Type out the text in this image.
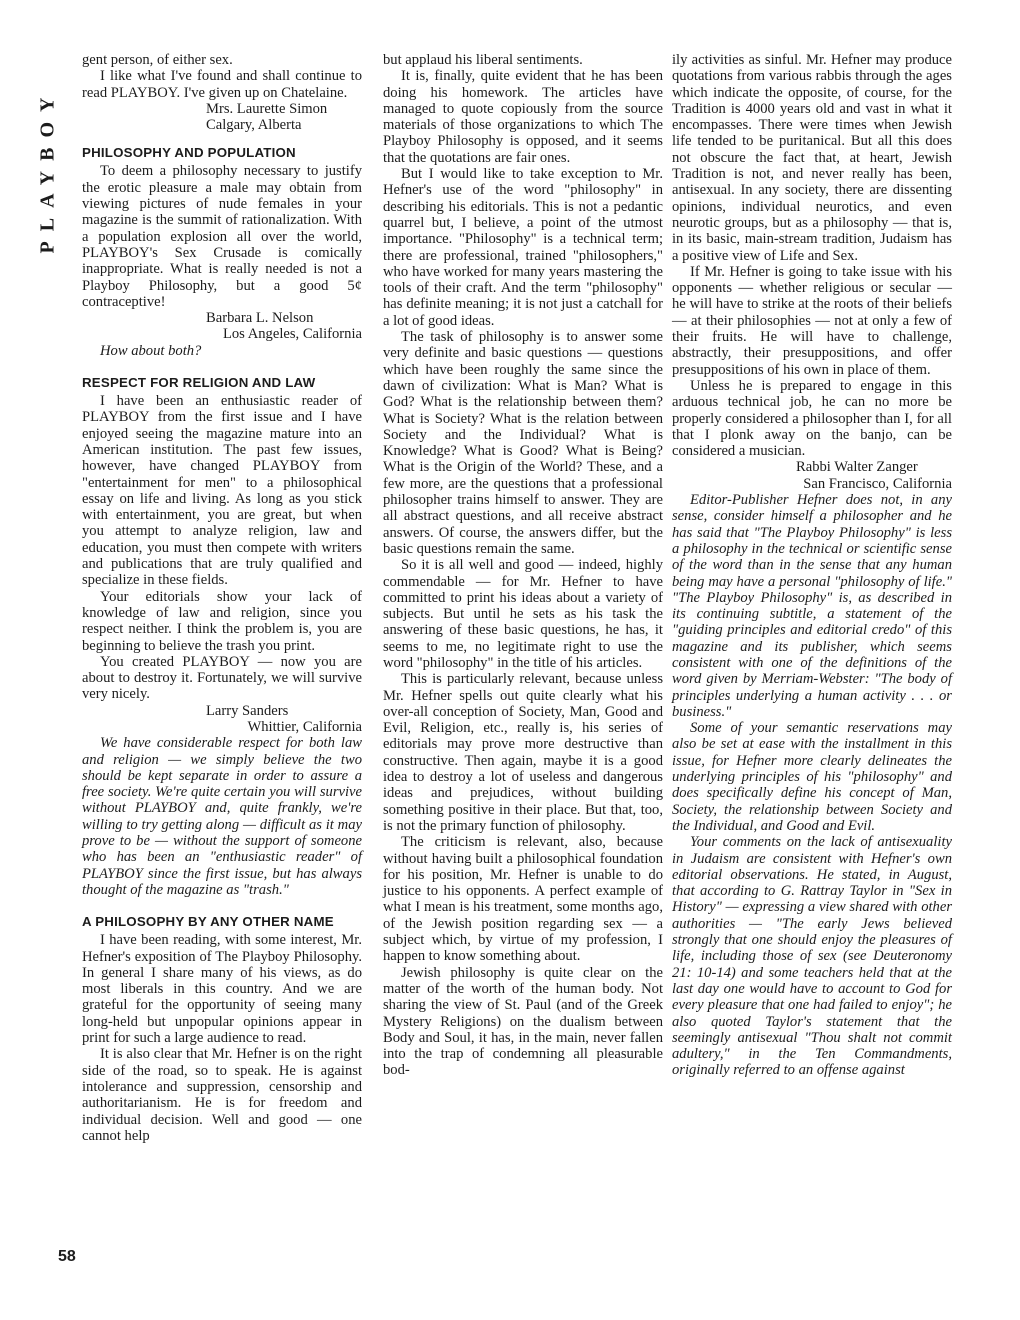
PLAYBOY

58

gent person, of either sex.

I like what I've found and shall continue to read PLAYBOY. I've given up on Chatelaine.

Mrs. Laurette Simon

Calgary, Alberta

PHILOSOPHY AND POPULATION

To deem a philosophy necessary to justify the erotic pleasure a male may obtain from viewing pictures of nude females in your magazine is the summit of rationalization. With a population explosion all over the world, PLAYBOY's Sex Crusade is comically inappropriate. What is really needed is not a Playboy Philosophy, but a good 5¢ contraceptive!

Barbara L. Nelson

Los Angeles, California

How about both?

RESPECT FOR RELIGION AND LAW

I have been an enthusiastic reader of PLAYBOY from the first issue and I have enjoyed seeing the magazine mature into an American institution. The past few issues, however, have changed PLAYBOY from "entertainment for men" to a philosophical essay on life and living. As long as you stick with entertainment, you are great, but when you attempt to analyze religion, law and education, you must then compete with writers and publications that are truly qualified and specialize in these fields.

Your editorials show your lack of knowledge of law and religion, since you respect neither. I think the problem is, you are beginning to believe the trash you print.

You created PLAYBOY — now you are about to destroy it. Fortunately, we will survive very nicely.

Larry Sanders

Whittier, California

We have considerable respect for both law and religion — we simply believe the two should be kept separate in order to assure a free society. We're quite certain you will survive without PLAYBOY and, quite frankly, we're willing to try getting along — difficult as it may prove to be — without the support of someone who has been an "enthusiastic reader" of PLAYBOY since the first issue, but has always thought of the magazine as "trash."

A PHILOSOPHY BY ANY OTHER NAME

I have been reading, with some interest, Mr. Hefner's exposition of The Playboy Philosophy. In general I share many of his views, as do most liberals in this country. And we are grateful for the opportunity of seeing many long-held but unpopular opinions appear in print for such a large audience to read.

It is also clear that Mr. Hefner is on the right side of the road, so to speak. He is against intolerance and suppression, censorship and authoritarianism. He is for freedom and individual decision. Well and good — one cannot help

but applaud his liberal sentiments.

It is, finally, quite evident that he has been doing his homework. The articles have managed to quote copiously from the source materials of those organizations to which The Playboy Philosophy is opposed, and it seems that the quotations are fair ones.

But I would like to take exception to Mr. Hefner's use of the word "philosophy" in describing his editorials. This is not a pedantic quarrel but, I believe, a point of the utmost importance. "Philosophy" is a technical term; there are professional, trained "philosophers," who have worked for many years mastering the tools of their craft. And the term "philosophy" has definite meaning; it is not just a catchall for a lot of good ideas.

The task of philosophy is to answer some very definite and basic questions — questions which have been roughly the same since the dawn of civilization: What is Man? What is God? What is the relationship between them? What is Society? What is the relation between Society and the Individual? What is Knowledge? What is Good? What is Being? What is the Origin of the World? These, and a few more, are the questions that a professional philosopher trains himself to answer. They are all abstract questions, and all receive abstract answers. Of course, the answers differ, but the basic questions remain the same.

So it is all well and good — indeed, highly commendable — for Mr. Hefner to have committed to print his ideas about a variety of subjects. But until he sets as his task the answering of these basic questions, he has, it seems to me, no legitimate right to use the word "philosophy" in the title of his articles.

This is particularly relevant, because unless Mr. Hefner spells out quite clearly what his over-all conception of Society, Man, Good and Evil, Religion, etc., really is, his series of editorials may prove more destructive than constructive. Then again, maybe it is a good idea to destroy a lot of useless and dangerous ideas and prejudices, without building something positive in their place. But that, too, is not the primary function of philosophy.

The criticism is relevant, also, because without having built a philosophical foundation for his position, Mr. Hefner is unable to do justice to his opponents. A perfect example of what I mean is his treatment, some months ago, of the Jewish position regarding sex — a subject which, by virtue of my profession, I happen to know something about.

Jewish philosophy is quite clear on the matter of the worth of the human body. Not sharing the view of St. Paul (and of the Greek Mystery Religions) on the dualism between Body and Soul, it has, in the main, never fallen into the trap of condemning all pleasurable bod-

ily activities as sinful. Mr. Hefner may produce quotations from various rabbis through the ages which indicate the opposite, of course, for the Tradition is 4000 years old and vast in what it encompasses. There were times when Jewish life tended to be puritanical. But all this does not obscure the fact that, at heart, Jewish Tradition is not, and never really has been, antisexual. In any society, there are dissenting opinions, individual neurotics, and even neurotic groups, but as a philosophy — that is, in its basic, main-stream tradition, Judaism has a positive view of Life and Sex.

If Mr. Hefner is going to take issue with his opponents — whether religious or secular — he will have to strike at the roots of their beliefs — at their philosophies — not at only a few of their fruits. He will have to challenge, abstractly, their presuppositions, and offer presuppositions of his own in place of them.

Unless he is prepared to engage in this arduous technical job, he can no more be properly considered a philosopher than I, for all that I plonk away on the banjo, can be considered a musician.

Rabbi Walter Zanger

San Francisco, California

Editor-Publisher Hefner does not, in any sense, consider himself a philosopher and he has said that "The Playboy Philosophy" is less a philosophy in the technical or scientific sense of the word than in the sense that any human being may have a personal "philosophy of life." "The Playboy Philosophy" is, as described in its continuing subtitle, a statement of the "guiding principles and editorial credo" of this magazine and its publisher, which seems consistent with one of the definitions of the word given by Merriam-Webster: "The body of principles underlying a human activity . . . or business."

Some of your semantic reservations may also be set at ease with the installment in this issue, for Hefner more clearly delineates the underlying principles of his "philosophy" and does specifically define his concept of Man, Society, the relationship between Society and the Individual, and Good and Evil.

Your comments on the lack of antisexuality in Judaism are consistent with Hefner's own editorial observations. He stated, in August, that according to G. Rattray Taylor in "Sex in History" — expressing a view shared with other authorities — "The early Jews believed strongly that one should enjoy the pleasures of life, including those of sex (see Deuteronomy 21: 10-14) and some teachers held that at the last day one would have to account to God for every pleasure that one had failed to enjoy"; he also quoted Taylor's statement that the seemingly antisexual "Thou shalt not commit adultery," in the Ten Commandments, originally referred to an offense against
